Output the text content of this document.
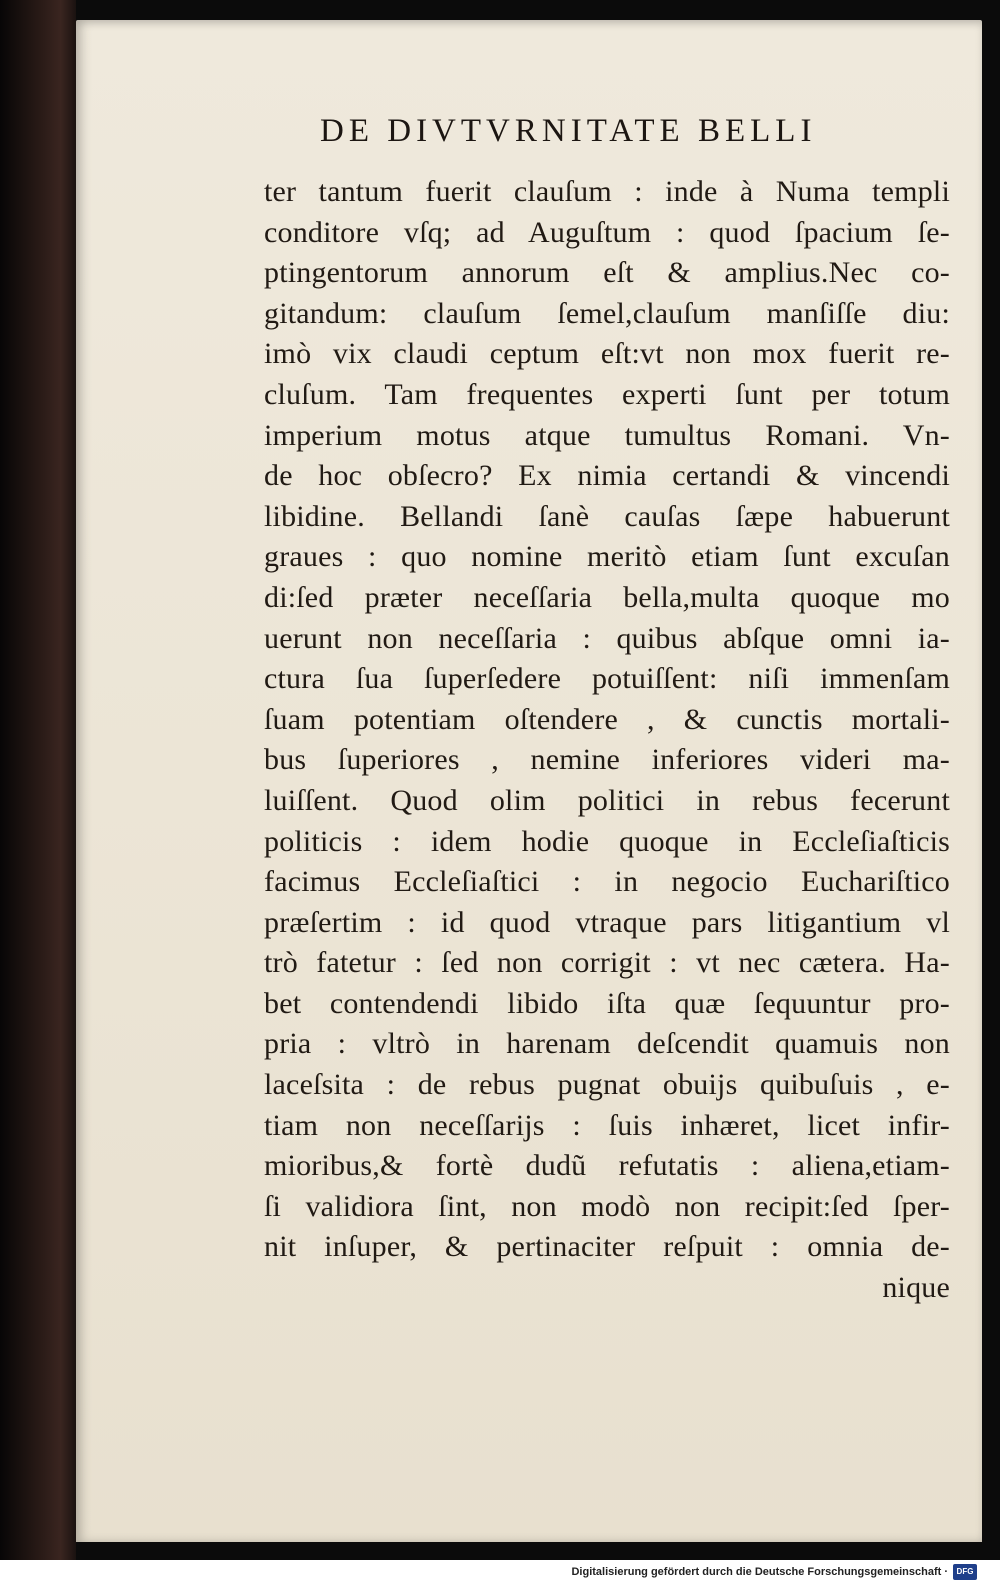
DE DIVTVRNITATE BELLI
ter tantum fuerit clauſum : inde à Numa templi
conditore vſq; ad Auguſtum : quod ſpacium ſe-
ptingentorum annorum eſt & amplius.Nec co-
gitandum: clauſum ſemel,clauſum manſiſſe diu:
imò vix claudi ceptum eſt:vt non mox fuerit re-
cluſum. Tam frequentes experti ſunt per totum
imperium motus atque tumultus Romani. Vn-
de hoc obſecro? Ex nimia certandi & vincendi
libidine. Bellandi ſanè cauſas ſæpe habuerunt
graues : quo nomine meritò etiam ſunt excuſan
di:ſed præter neceſſaria bella,multa quoque mo
uerunt non neceſſaria : quibus abſque omni ia-
ctura ſua ſuperſedere potuiſſent: niſi immenſam
ſuam potentiam oſtendere , & cunctis mortali-
bus ſuperiores , nemine inferiores videri ma-
luiſſent. Quod olim politici in rebus fecerunt
politicis : idem hodie quoque in Eccleſiaſticis
facimus Eccleſiaſtici : in negocio Euchariſtico
præſertim : id quod vtraque pars litigantium vl
trò fatetur : ſed non corrigit : vt nec cætera. Ha-
bet contendendi libido iſta quæ ſequuntur pro-
pria : vltrò in harenam deſcendit quamuis non
laceſsita : de rebus pugnat obuijs quibuſuis , e-
tiam non neceſſarijs : ſuis inhæret, licet infir-
mioribus,& fortè dudũ refutatis : aliena,etiam-
ſi validiora ſint, non modò non recipit:ſed ſper-
nit inſuper, & pertinaciter reſpuit : omnia de-
nique
Digitalisierung gefördert durch die Deutsche Forschungsgemeinschaft ·	DFG
